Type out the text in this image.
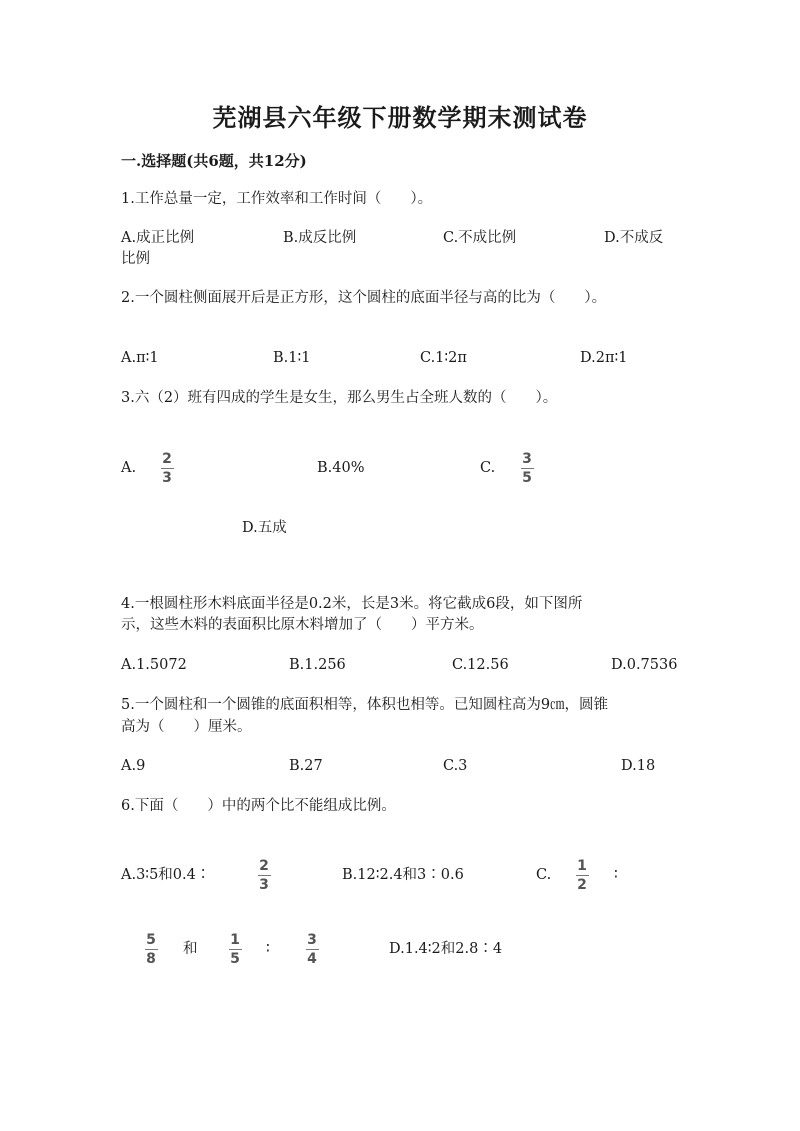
芜湖县六年级下册数学期末测试卷
一.选择题(共6题，共12分)
1.工作总量一定，工作效率和工作时间（　　）。
A.成正比例	B.成反比例	C.不成比例	D.不成反
比例
2.一个圆柱侧面展开后是正方形，这个圆柱的底面半径与高的比为（　　）。
A.π∶1	B.1∶1	C.1∶2π	D.2π∶1
3.六（2）班有四成的学生是女生，那么男生占全班人数的（　　）。
A.
2
3
B.40%	C.
3
5
D.五成
4.一根圆柱形木料底面半径是0.2米，长是3米。将它截成6段，如下图所
示，这些木料的表面积比原木料增加了（　　）平方米。
A.1.5072	B.1.256	C.12.56	D.0.7536
5.一个圆柱和一个圆锥的底面积相等，体积也相等。已知圆柱高为9㎝，圆锥
高为（　　）厘米。
A.9	B.27	C.3	D.18
6.下面（　　）中的两个比不能组成比例。
A.3∶5和0.4∶
2
3
B.12∶2.4和3∶0.6	C.
1
2
∶
5
8
和
1
5
∶
3
4
D.1.4∶2和2.8∶4
